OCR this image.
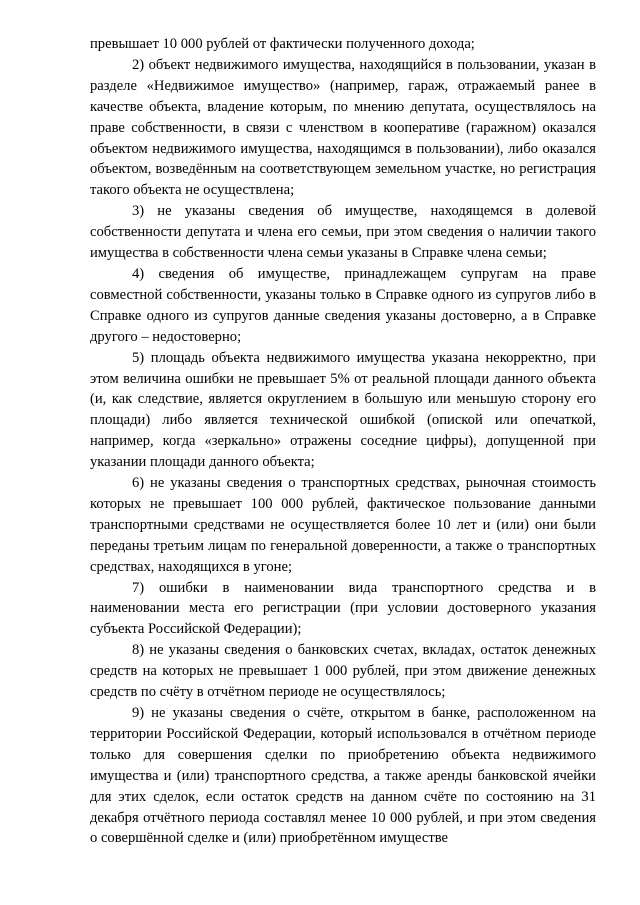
превышает 10 000 рублей от фактически полученного дохода;

2) объект недвижимого имущества, находящийся в пользовании, указан в разделе «Недвижимое имущество» (например, гараж, отражаемый ранее в качестве объекта, владение которым, по мнению депутата, осуществлялось на праве собственности, в связи с членством в кооперативе (гаражном) оказался объектом недвижимого имущества, находящимся в пользовании), либо оказался объектом, возведённым на соответствующем земельном участке, но регистрация такого объекта не осуществлена;

3) не указаны сведения об имуществе, находящемся в долевой собственности депутата и члена его семьи, при этом сведения о наличии такого имущества в собственности члена семьи указаны в Справке члена семьи;

4) сведения об имуществе, принадлежащем супругам на праве совместной собственности, указаны только в Справке одного из супругов либо в Справке одного из супругов данные сведения указаны достоверно, а в Справке другого – недостоверно;

5) площадь объекта недвижимого имущества указана некорректно, при этом величина ошибки не превышает 5% от реальной площади данного объекта (и, как следствие, является округлением в большую или меньшую сторону его площади) либо является технической ошибкой (опиской или опечаткой, например, когда «зеркально» отражены соседние цифры), допущенной при указании площади данного объекта;

6) не указаны сведения о транспортных средствах, рыночная стоимость которых не превышает 100 000 рублей, фактическое пользование данными транспортными средствами не осуществляется более 10 лет и (или) они были переданы третьим лицам по генеральной доверенности, а также о транспортных средствах, находящихся в угоне;

7) ошибки в наименовании вида транспортного средства и в наименовании места его регистрации (при условии достоверного указания субъекта Российской Федерации);

8) не указаны сведения о банковских счетах, вкладах, остаток денежных средств на которых не превышает 1 000 рублей, при этом движение денежных средств по счёту в отчётном периоде не осуществлялось;

9) не указаны сведения о счёте, открытом в банке, расположенном на территории Российской Федерации, который использовался в отчётном периоде только для совершения сделки по приобретению объекта недвижимого имущества и (или) транспортного средства, а также аренды банковской ячейки для этих сделок, если остаток средств на данном счёте по состоянию на 31 декабря отчётного периода составлял менее 10 000 рублей, и при этом сведения о совершённой сделке и (или) приобретённом имуществе
